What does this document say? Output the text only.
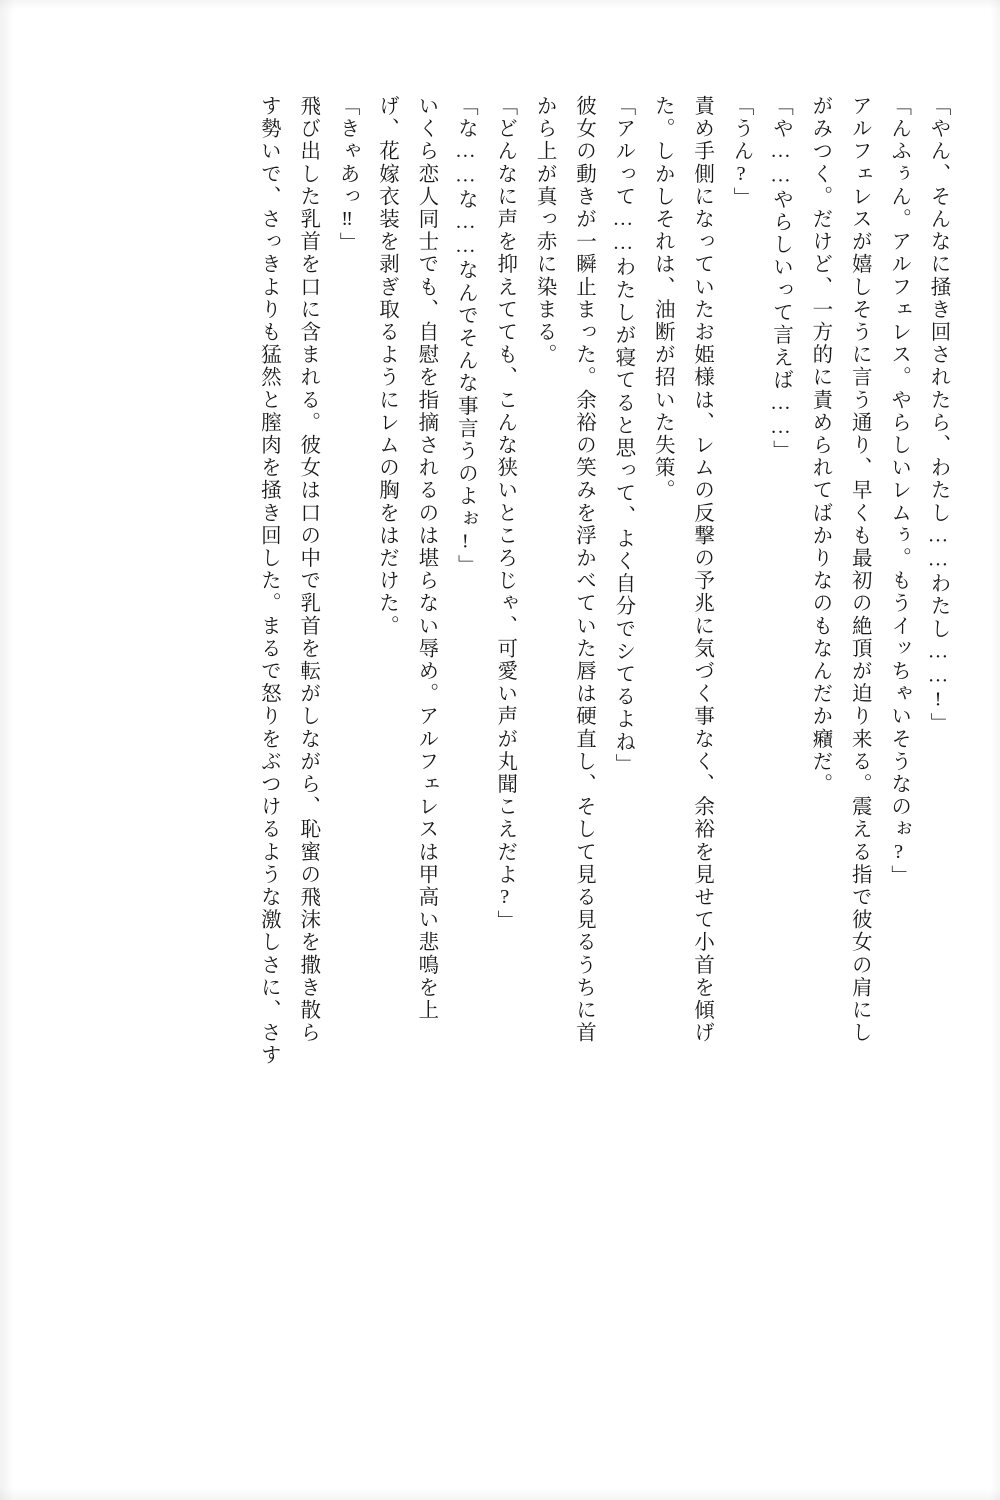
「やん、そんなに掻き回されたら、わたし……わたし……!」
「んふぅん。アルフェレス。やらしいレムぅ。もうイッちゃいそうなのぉ?」
アルフェレスが嬉しそうに言う通り、早くも最初の絶頂が迫り来る。震える指で彼女の肩にし
がみつく。だけど、一方的に責められてばかりなのもなんだか癪だ。
「や……やらしいって言えば……」
「うん?」
責め手側になっていたお姫様は、レムの反撃の予兆に気づく事なく、余裕を見せて小首を傾げ
た。しかしそれは、油断が招いた失策。
「アルって……わたしが寝てると思って、よく自分でシてるよね」
彼女の動きが一瞬止まった。余裕の笑みを浮かべていた唇は硬直し、そして見る見るうちに首
から上が真っ赤に染まる。
「どんなに声を抑えてても、こんな狭いところじゃ、可愛い声が丸聞こえだよ?」
「な……な……なんでそんな事言うのよぉ!」
いくら恋人同士でも、自慰を指摘されるのは堪らない辱め。アルフェレスは甲高い悲鳴を上
げ、花嫁衣装を剥ぎ取るようにレムの胸をはだけた。
「きゃあっ‼」
飛び出した乳首を口に含まれる。彼女は口の中で乳首を転がしながら、恥蜜の飛沫を撒き散ら
す勢いで、さっきよりも猛然と膣肉を掻き回した。まるで怒りをぶつけるような激しさに、さす
